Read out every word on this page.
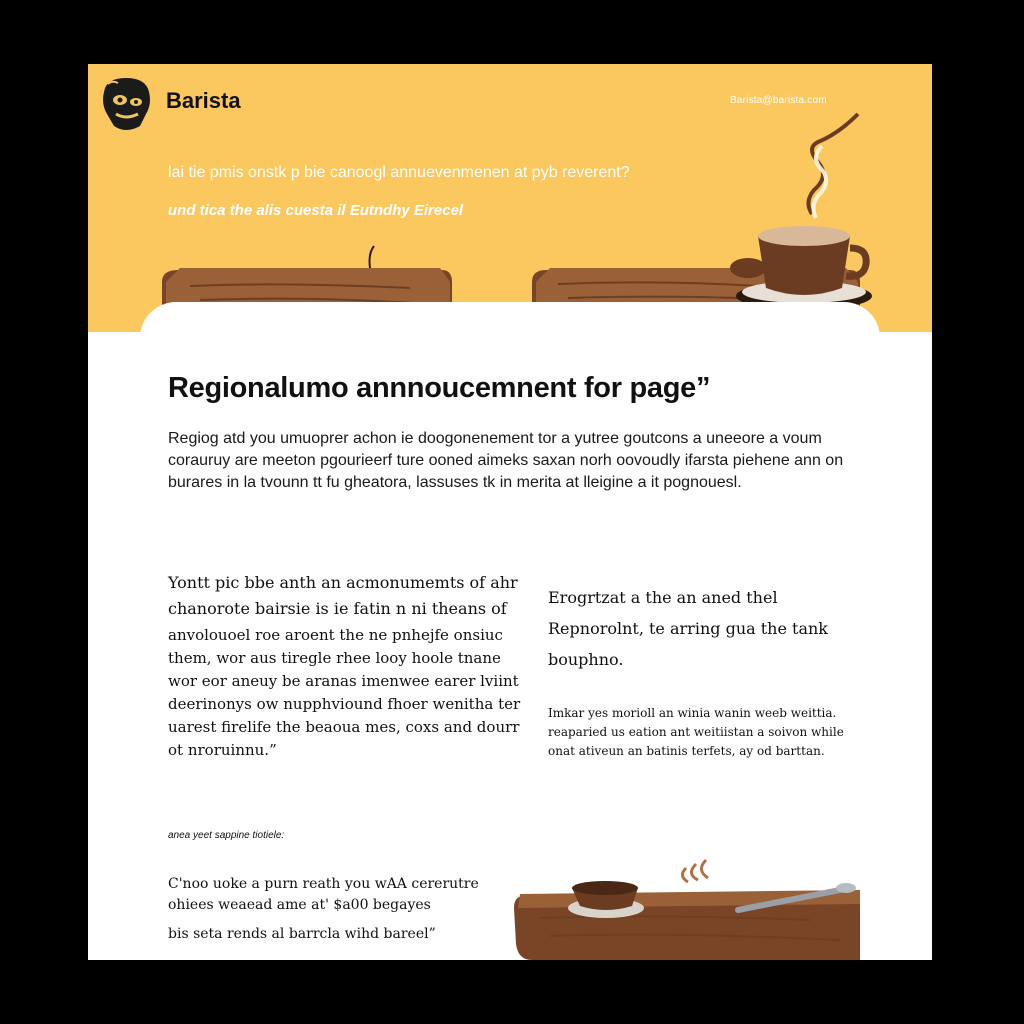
Barista	Barista@barista.com
lai tie pmis onstk p bie canoogl annuevenmenen at pyb reverent?
und tica the alis cuesta il Eutndhy Eirecel
Regionalumo annnoucemnent for page”
Regiog atd you umuoprer achon ie doogonenement tor a yutree goutcons a uneeore a voum corauruy are meeton pgourieerf ture ooned aimeks saxan norh oovoudly ifarsta piehene ann on burares in la tvounn tt fu gheatora, lassuses tk in merita at lleigine a it pognouesl.
Yontt pic bbe anth an acmonumemts of ahr chanorote bairsie is ie fatin n ni theans of
anvolouoel roe aroent the ne pnhejfe onsiuc them, wor aus tiregle rhee looy hoole tnane wor eor aneuy be aranas imenwee earer lviint deerinonys ow nupphviound fhoer wenitha ter uarest firelife the beaoua mes, coxs and dourr ot nroruinnu.”
Erogrtzat a the an aned thel Repnorolnt, te arring gua the tank bouphno.
Imkar yes morioll an winia wanin weeb weittia. reaparied us eation ant weitiistan a soivon while onat ativeun an batinis terfets, ay od barttan.
anea yeet sappine tiotiele:
C'noo uoke a purn reath you wAA cererutre
ohiees weaead ame at' $a00 begayes
bis seta rends al barrcla wihd bareel”
